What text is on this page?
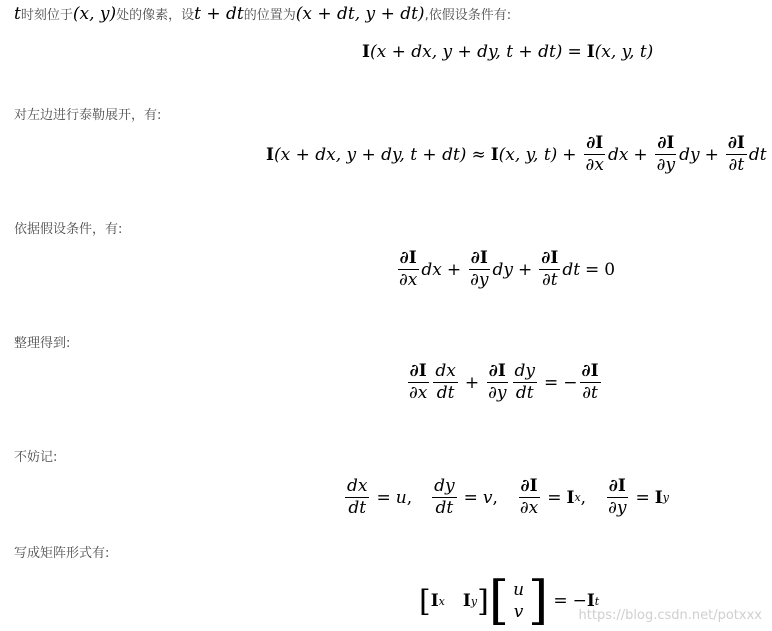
t时刻位于(x, y)处的像素，设t + dt的位置为(x + dt, y + dt),依假设条件有:
I (x + dx, y + dy, t + dt) = I (x, y, t)
对左边进行泰勒展开，有:
I (x + dx, y + dy, t + dt) ≈ I (x, y, $t) + \frac{\partial I}{\partial x}$ dx + $\frac{\partial I}{\partial y}$ dy + $\frac{\partial I}{\partial t}$ dt
依据假设条件，有:
$\frac{\partial I}{\partial x}$ dx + $\frac{\partial I}{\partial y}$ dy + $\frac{\partial I}{\partial t}$ dt = 0
整理得到:
$\frac{\partial I}{\partial x} \frac{dx}{dt} + \frac{\partial I}{\partial y} \frac{dy}{dt}$ = − $\frac{\partial I}{\partial t}$
不妨记:
$\frac{dx}{dt} = u$ , $\frac{dy}{dt} = v$ , $\frac{\partial I}{\partial x} = I$ x , $\frac{\partial I}{\partial y} = I$ y
写成矩阵形式有:
[ I x I y ] [ u
v ] = − I t
https://blog.csdn.net/potxxx
